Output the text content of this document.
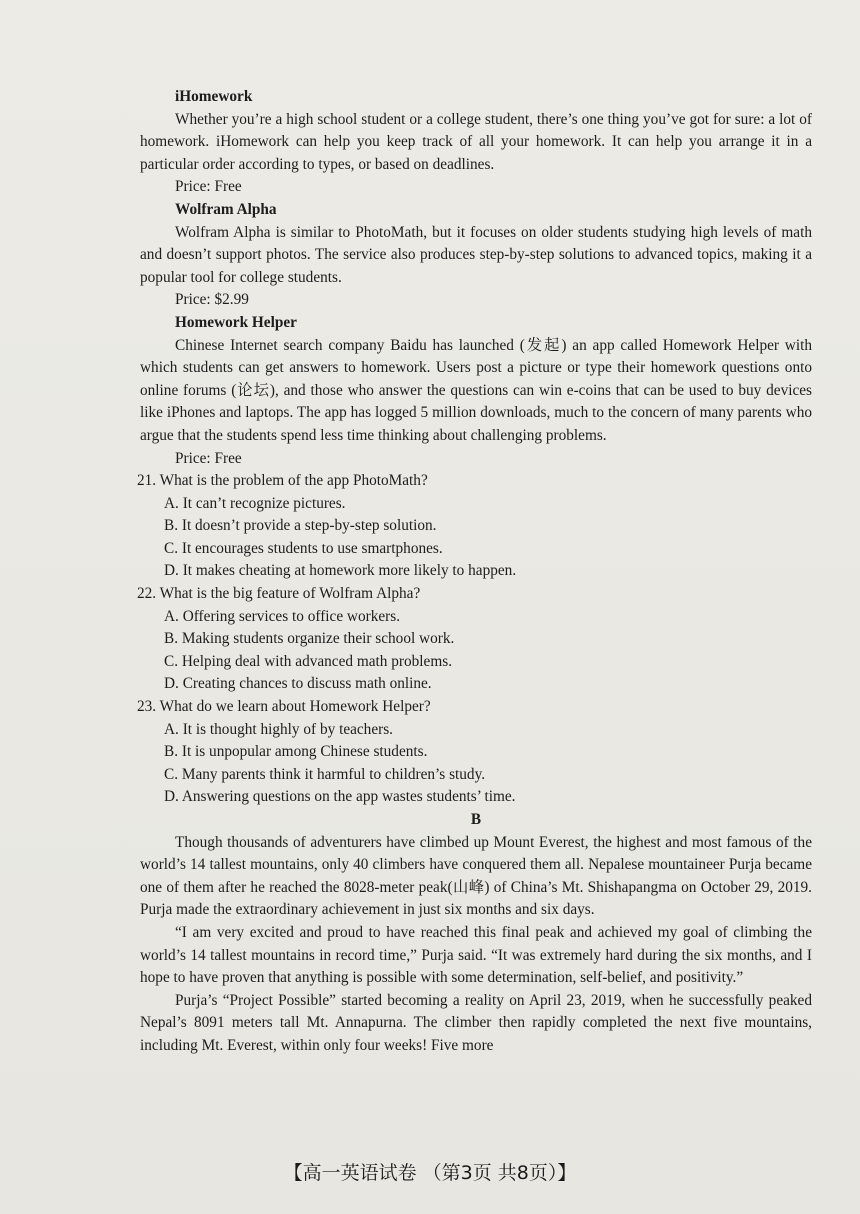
iHomework

Whether you’re a high school student or a college student, there’s one thing you’ve got for sure: a lot of homework. iHomework can help you keep track of all your homework. It can help you arrange it in a particular order according to types, or based on deadlines.

Price: Free
Wolfram Alpha

Wolfram Alpha is similar to PhotoMath, but it focuses on older students studying high levels of math and doesn’t support photos. The service also produces step-by-step solutions to advanced topics, making it a popular tool for college students.

Price: $2.99
Homework Helper

Chinese Internet search company Baidu has launched (发起) an app called Homework Helper with which students can get answers to homework. Users post a picture or type their homework questions onto online forums (论坛), and those who answer the questions can win e-coins that can be used to buy devices like iPhones and laptops. The app has logged 5 million downloads, much to the concern of many parents who argue that the students spend less time thinking about challenging problems.

Price: Free
21. What is the problem of the app PhotoMath?
A. It can’t recognize pictures.
B. It doesn’t provide a step-by-step solution.
C. It encourages students to use smartphones.
D. It makes cheating at homework more likely to happen.
22. What is the big feature of Wolfram Alpha?
A. Offering services to office workers.
B. Making students organize their school work.
C. Helping deal with advanced math problems.
D. Creating chances to discuss math online.
23. What do we learn about Homework Helper?
A. It is thought highly of by teachers.
B. It is unpopular among Chinese students.
C. Many parents think it harmful to children’s study.
D. Answering questions on the app wastes students’ time.
B

Though thousands of adventurers have climbed up Mount Everest, the highest and most famous of the world’s 14 tallest mountains, only 40 climbers have conquered them all. Nepalese mountaineer Purja became one of them after he reached the 8028-meter peak(山峰) of China’s Mt. Shishapangma on October 29, 2019. Purja made the extraordinary achievement in just six months and six days.

“I am very excited and proud to have reached this final peak and achieved my goal of climbing the world’s 14 tallest mountains in record time,” Purja said. “It was extremely hard during the six months, and I hope to have proven that anything is possible with some determination, self-belief, and positivity.”

Purja’s “Project Possible” started becoming a reality on April 23, 2019, when he successfully peaked Nepal’s 8091 meters tall Mt. Annapurna. The climber then rapidly completed the next five mountains, including Mt. Everest, within only four weeks! Five more

【高一英语试卷 （第3页 共8页）】
